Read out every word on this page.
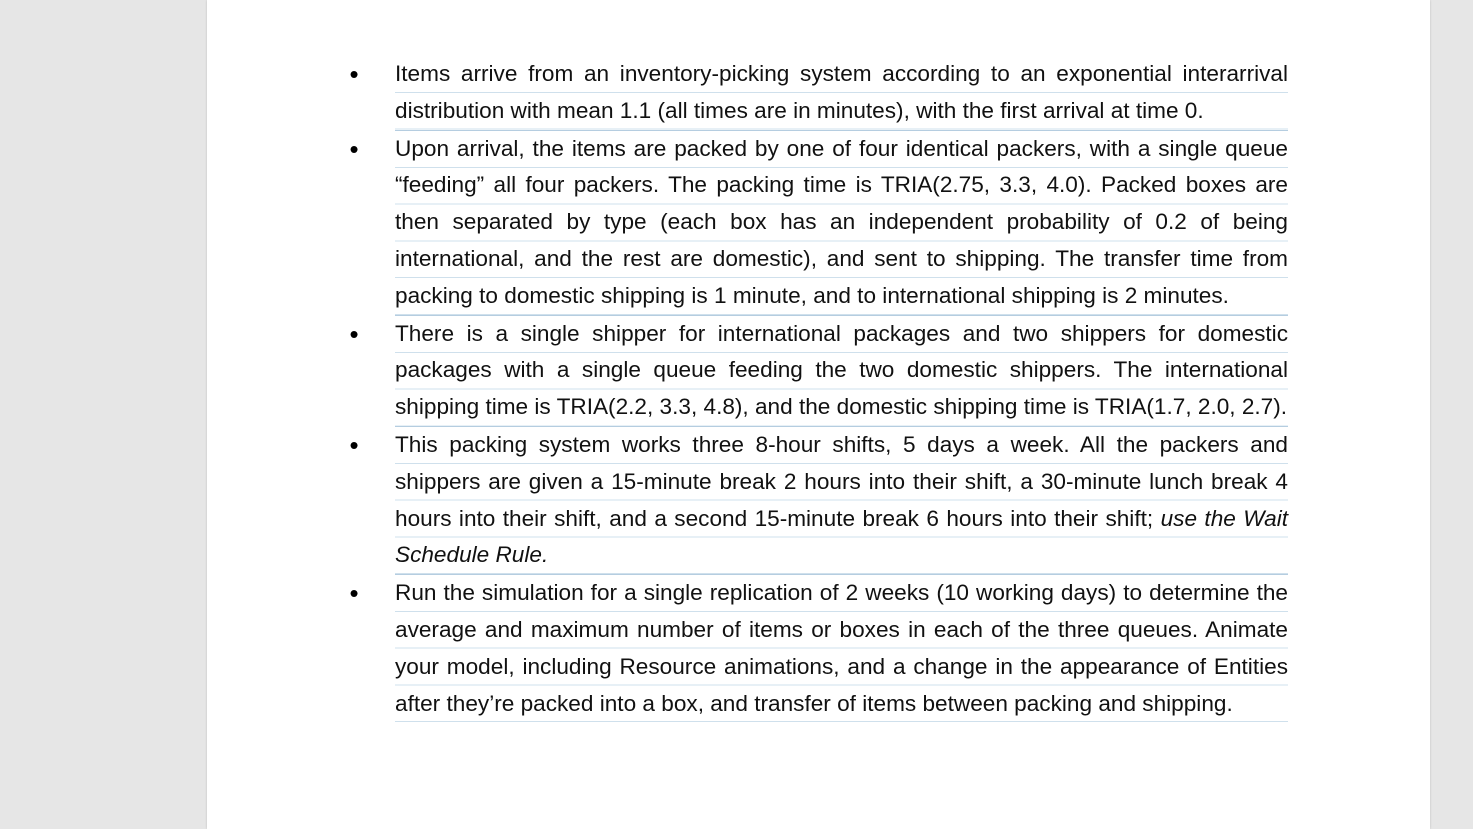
• Items arrive from an inventory-picking system according to an exponential interarrival distribution with mean 1.1 (all times are in minutes), with the first arrival at time 0.
• Upon arrival, the items are packed by one of four identical packers, with a single queue “feeding” all four packers. The packing time is TRIA(2.75, 3.3, 4.0). Packed boxes are then separated by type (each box has an independent probability of 0.2 of being international, and the rest are domestic), and sent to shipping. The transfer time from packing to domestic shipping is 1 minute, and to international shipping is 2 minutes.
• There is a single shipper for international packages and two shippers for domestic packages with a single queue feeding the two domestic shippers. The international shipping time is TRIA(2.2, 3.3, 4.8), and the domestic shipping time is TRIA(1.7, 2.0, 2.7).
• This packing system works three 8-hour shifts, 5 days a week. All the packers and shippers are given a 15-minute break 2 hours into their shift, a 30-minute lunch break 4 hours into their shift, and a second 15-minute break 6 hours into their shift; use the Wait Schedule Rule.
• Run the simulation for a single replication of 2 weeks (10 working days) to determine the average and maximum number of items or boxes in each of the three queues. Animate your model, including Resource animations, and a change in the appearance of Entities after they’re packed into a box, and transfer of items between packing and shipping.
